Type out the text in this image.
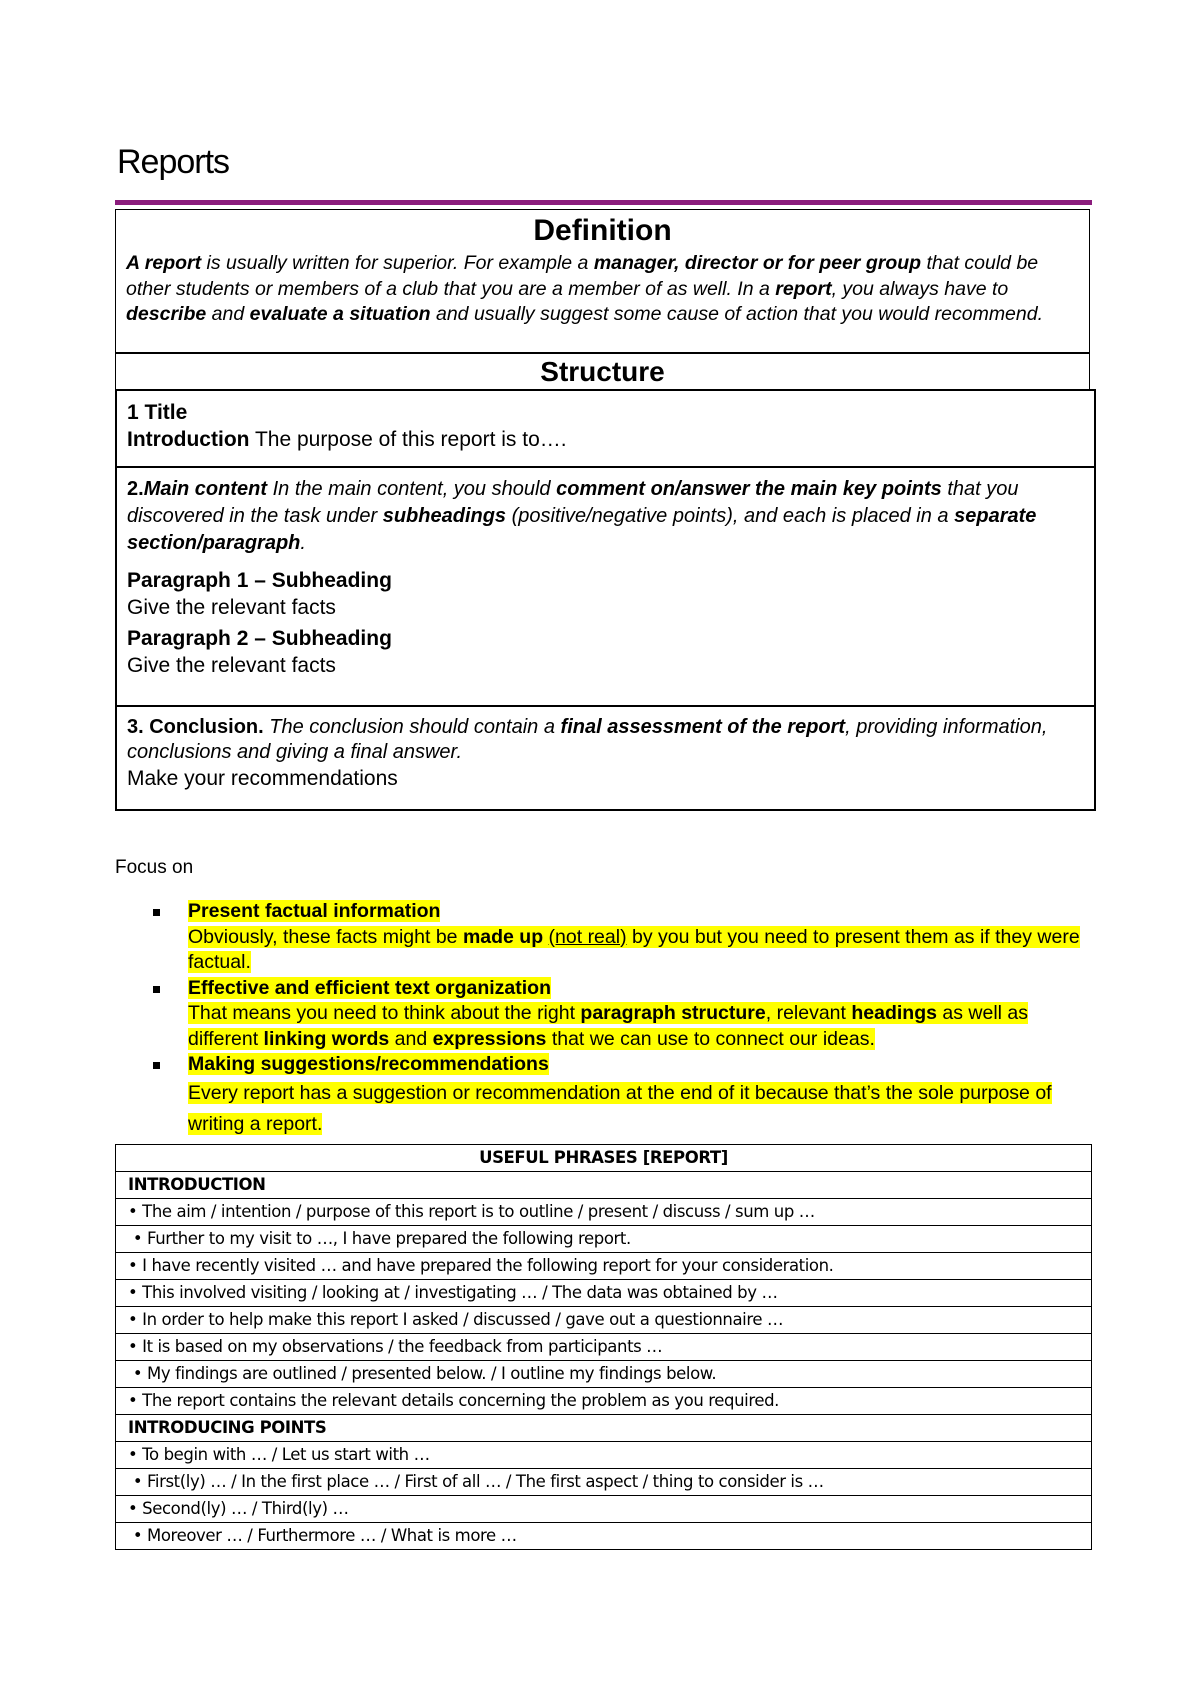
Reports
Definition
A report is usually written for superior. For example a manager, director or for peer group that could be other students or members of a club that you are a member of as well. In a report, you always have to describe and evaluate a situation and usually suggest some cause of action that you would recommend.
Structure
1 Title
Introduction The purpose of this report is to….
2.Main content In the main content, you should comment on/answer the main key points that you discovered in the task under subheadings (positive/negative points), and each is placed in a separate section/paragraph.
Paragraph 1 – Subheading
Give the relevant facts
Paragraph 2 – Subheading
Give the relevant facts
3. Conclusion. The conclusion should contain a final assessment of the report, providing information, conclusions and giving a final answer.
Make your recommendations
Focus on
Present factual information
Obviously, these facts might be made up (not real) by you but you need to present them as if they were factual.
Effective and efficient text organization
That means you need to think about the right paragraph structure, relevant headings as well as different linking words and expressions that we can use to connect our ideas.
Making suggestions/recommendations
Every report has a suggestion or recommendation at the end of it because that’s the sole purpose of writing a report.
USEFUL PHRASES [REPORT]
INTRODUCTION
• The aim / intention / purpose of this report is to outline / present / discuss / sum up …
• Further to my visit to …, I have prepared the following report.
• I have recently visited … and have prepared the following report for your consideration.
• This involved visiting / looking at / investigating … / The data was obtained by …
• In order to help make this report I asked / discussed / gave out a questionnaire …
• It is based on my observations / the feedback from participants …
• My findings are outlined / presented below. / I outline my findings below.
• The report contains the relevant details concerning the problem as you required.
INTRODUCING POINTS
• To begin with … / Let us start with …
• First(ly) … / In the first place … / First of all … / The first aspect / thing to consider is …
• Second(ly) … / Third(ly) …
• Moreover … / Furthermore … / What is more …
